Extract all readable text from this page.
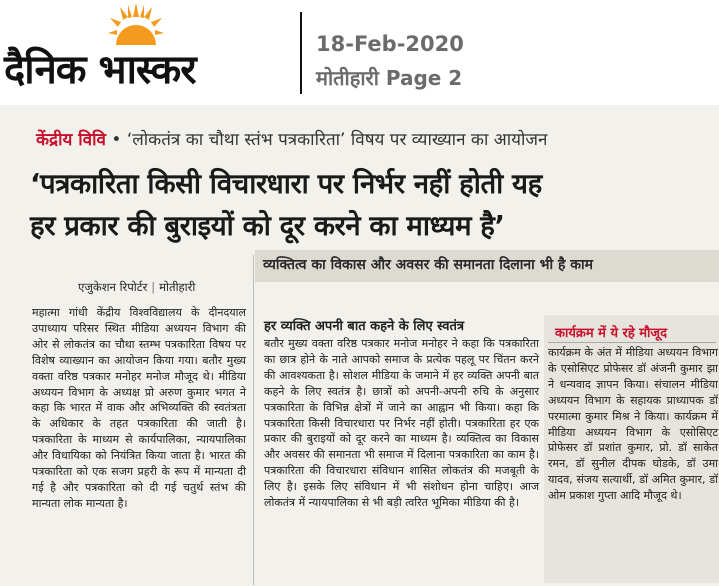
दैनिक भास्कर
18-Feb-2020
मोतीहारी Page 2
केंद्रीय विवि • ‘लोकतंत्र का चौथा स्तंभ पत्रकारिता’ विषय पर व्याख्यान का आयोजन
‘पत्रकारिता किसी विचारधारा पर निर्भर नहीं होती यह
हर प्रकार की बुराइयों को दूर करने का माध्यम है’
एजुकेशन रिपोर्टर | मोतीहारी
महात्मा गांधी केंद्रीय विश्वविद्यालय के दीनदयाल उपाध्याय परिसर स्थित मीडिया अध्ययन विभाग की ओर से लोकतंत्र का चौथा स्तम्भ पत्रकारिता विषय पर विशेष व्याख्यान का आयोजन किया गया। बतौर मुख्य वक्ता वरिष्ठ पत्रकार मनोहर मनोज मौजूद थे। मीडिया अध्ययन विभाग के अध्यक्ष प्रो अरुण कुमार भगत ने कहा कि भारत में वाक और अभिव्यक्ति की स्वतंत्रता के अधिकार के तहत पत्रकारिता की जाती है। पत्रकारिता के माध्यम से कार्यपालिका, न्यायपालिका और विधायिका को नियंत्रित किया जाता है। भारत की पत्रकारिता को एक सजग प्रहरी के रूप में मान्यता दी गई है और पत्रकारिता को दी गई चतुर्थ स्तंभ की मान्यता लोक मान्यता है।
व्यक्तित्व का विकास और अवसर की समानता दिलाना भी है काम
हर व्यक्ति अपनी बात कहने के लिए स्वतंत्र
बतौर मुख्य वक्ता वरिष्ठ पत्रकार मनोज मनोहर ने कहा कि पत्रकारिता का छात्र होने के नाते आपको समाज के प्रत्येक पहलू पर चिंतन करने की आवश्यकता है। सोशल मीडिया के जमाने में हर व्यक्ति अपनी बात कहने के लिए स्वतंत्र है। छात्रों को अपनी-अपनी रुचि के अनुसार पत्रकारिता के विभिन्न क्षेत्रों में जाने का आह्वान भी किया। कहा कि पत्रकारिता किसी विचारधारा पर निर्भर नहीं होती। पत्रकारिता हर एक प्रकार की बुराइयों को दूर करने का माध्यम है। व्यक्तित्व का विकास और अवसर की समानता भी समाज में दिलाना पत्रकारिता का काम है। पत्रकारिता की विचारधारा संविधान शासित लोकतंत्र की मजबूती के लिए है। इसके लिए संविधान में भी संशोधन होना चाहिए। आज लोकतंत्र में न्यायपालिका से भी बड़ी त्वरित भूमिका मीडिया की है।
कार्यक्रम में ये रहे मौजूद
कार्यक्रम के अंत में मीडिया अध्ययन विभाग के एसोसिएट प्रोफेसर डॉ अंजनी कुमार झा ने धन्यवाद ज्ञापन किया। संचालन मीडिया अध्ययन विभाग के सहायक प्राध्यापक डॉ परमात्मा कुमार मिश्र ने किया। कार्यक्रम में मीडिया अध्ययन विभाग के एसोसिएट प्रोफेसर डॉ प्रशांत कुमार, प्रो. डॉ साकेत रमन, डॉ सुनील दीपक घोडके, डॉ उमा यादव, संजय सत्यार्थी, डॉ अमित कुमार, डॉ ओम प्रकाश गुप्ता आदि मौजूद थे।
